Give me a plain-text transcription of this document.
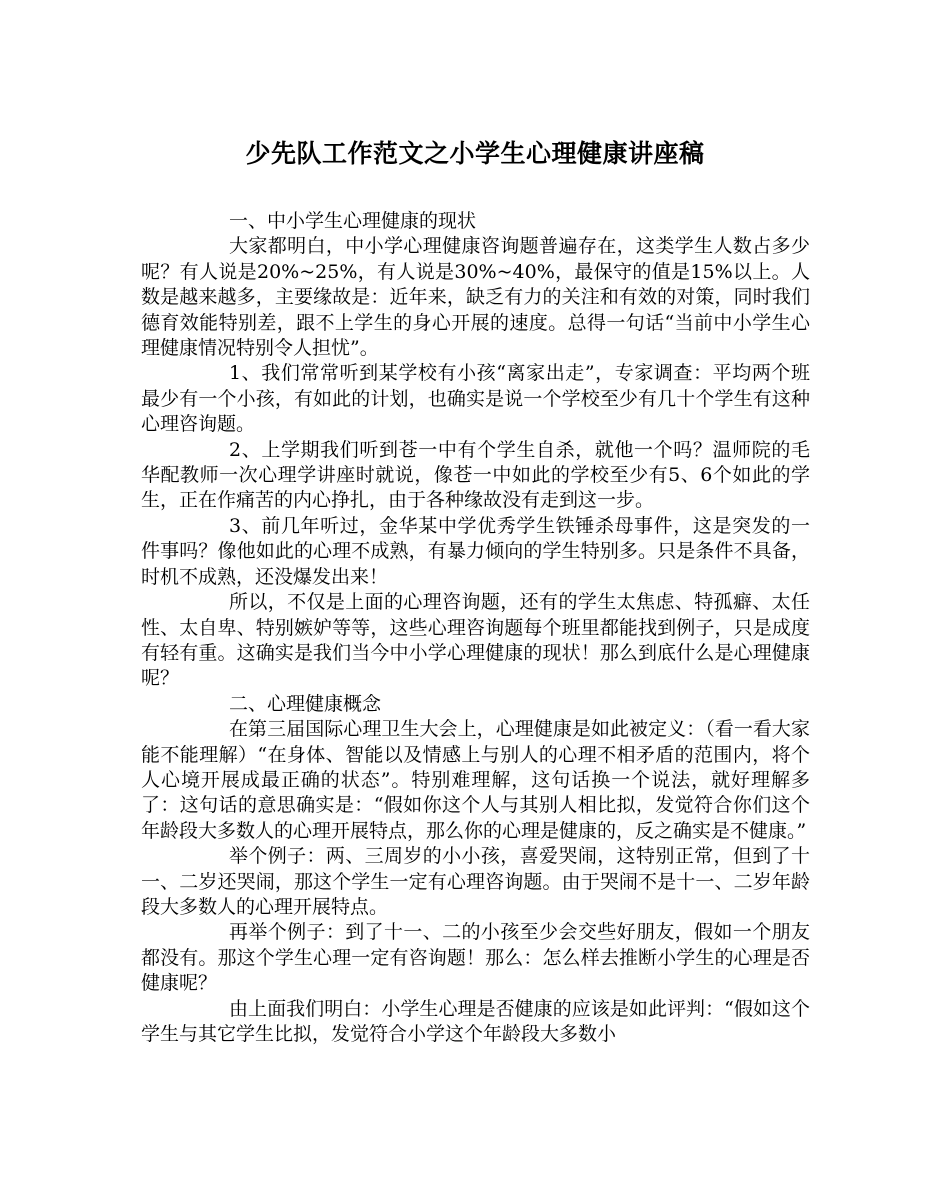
少先队工作范文之小学生心理健康讲座稿

一、中小学生心理健康的现状

大家都明白，中小学心理健康咨询题普遍存在，这类学生人数占多少呢？有人说是20%~25%，有人说是30%~40%，最保守的值是15%以上。人数是越来越多，主要缘故是：近年来，缺乏有力的关注和有效的对策，同时我们德育效能特别差，跟不上学生的身心开展的速度。总得一句话“当前中小学生心理健康情况特别令人担忧”。

1、我们常常听到某学校有小孩“离家出走”，专家调查：平均两个班最少有一个小孩，有如此的计划，也确实是说一个学校至少有几十个学生有这种心理咨询题。

2、上学期我们听到苍一中有个学生自杀，就他一个吗？温师院的毛华配教师一次心理学讲座时就说，像苍一中如此的学校至少有5、6个如此的学生，正在作痛苦的内心挣扎，由于各种缘故没有走到这一步。

3、前几年听过，金华某中学优秀学生铁锤杀母事件，这是突发的一件事吗？像他如此的心理不成熟，有暴力倾向的学生特别多。只是条件不具备，时机不成熟，还没爆发出来！

所以，不仅是上面的心理咨询题，还有的学生太焦虑、特孤癖、太任性、太自卑、特别嫉妒等等，这些心理咨询题每个班里都能找到例子，只是成度有轻有重。这确实是我们当今中小学心理健康的现状！那么到底什么是心理健康呢？

二、心理健康概念

在第三届国际心理卫生大会上，心理健康是如此被定义：（看一看大家能不能理解）“在身体、智能以及情感上与别人的心理不相矛盾的范围内，将个人心境开展成最正确的状态”。特别难理解，这句话换一个说法，就好理解多了：这句话的意思确实是：“假如你这个人与其别人相比拟，发觉符合你们这个年龄段大多数人的心理开展特点，那么你的心理是健康的，反之确实是不健康。”

举个例子：两、三周岁的小小孩，喜爱哭闹，这特别正常，但到了十一、二岁还哭闹，那这个学生一定有心理咨询题。由于哭闹不是十一、二岁年龄段大多数人的心理开展特点。

再举个例子：到了十一、二的小孩至少会交些好朋友，假如一个朋友都没有。那这个学生心理一定有咨询题！那么：怎么样去推断小学生的心理是否健康呢？

由上面我们明白：小学生心理是否健康的应该是如此评判：“假如这个学生与其它学生比拟，发觉符合小学这个年龄段大多数小
